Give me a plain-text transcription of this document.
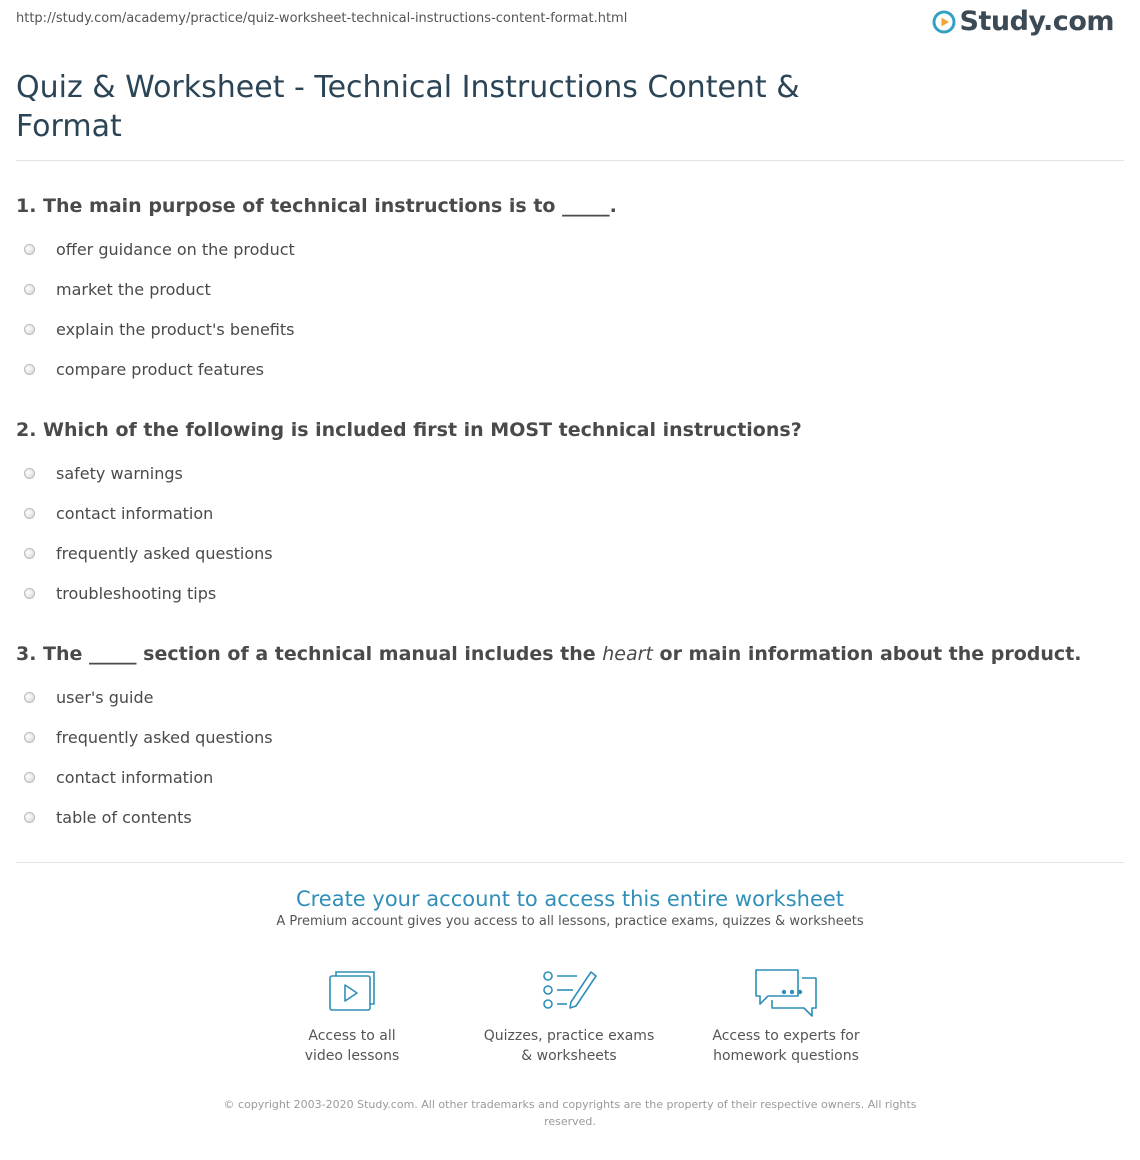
http://study.com/academy/practice/quiz-worksheet-technical-instructions-content-format.html	Study.com
Quiz & Worksheet - Technical Instructions Content &
Format
1. The main purpose of technical instructions is to _____.
offer guidance on the product
market the product
explain the product's benefits
compare product features
2. Which of the following is included first in MOST technical instructions?
safety warnings
contact information
frequently asked questions
troubleshooting tips
3. The _____ section of a technical manual includes the heart or main information about the product.
user's guide
frequently asked questions
contact information
table of contents
Create your account to access this entire worksheet
A Premium account gives you access to all lessons, practice exams, quizzes & worksheets
Access to all
video lessons
Quizzes, practice exams
& worksheets
Access to experts for
homework questions
© copyright 2003-2020 Study.com. All other trademarks and copyrights are the property of their respective owners. All rights
reserved.
